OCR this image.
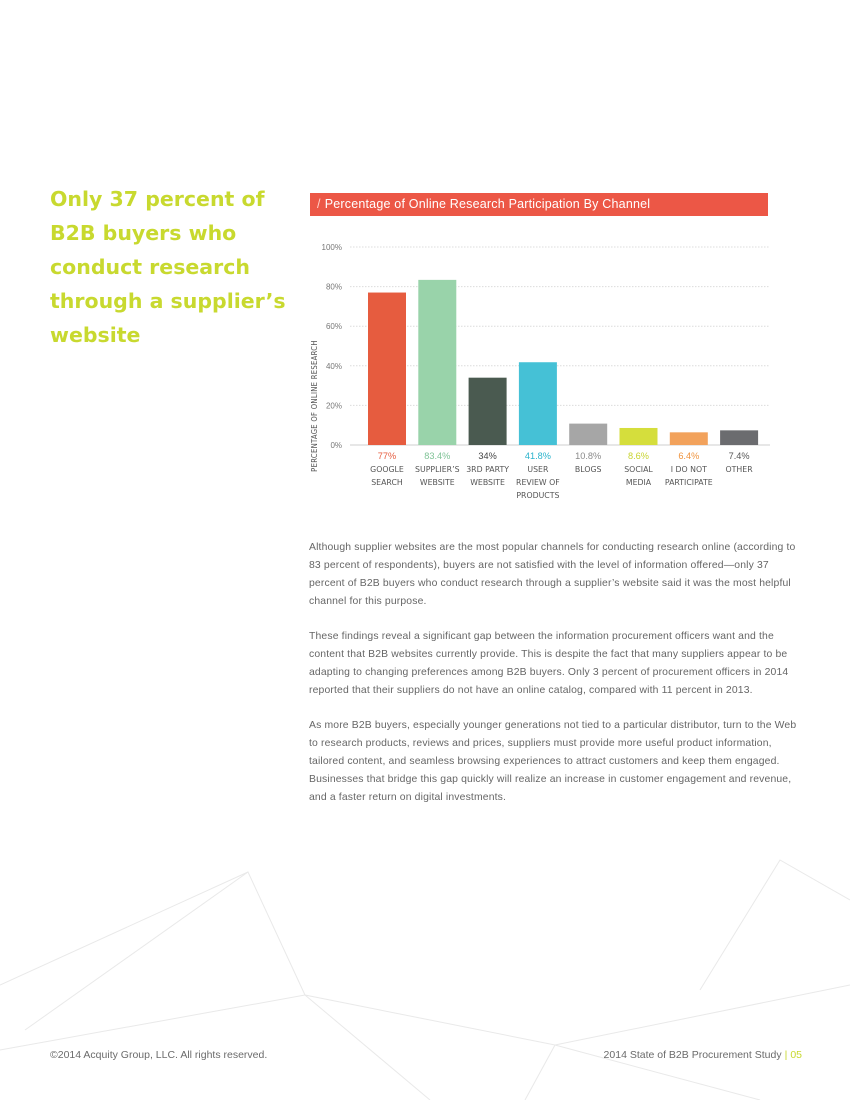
Only 37 percent of B2B buyers who conduct research through a supplier’s website
/ Percentage of Online Research Participation By Channel
0%
20%
40%
60%
80%
100%
PERCENTAGE OF ONLINE RESEARCH	77%
GOOGLE
SEARCH
83.4%
SUPPLIER’S
WEBSITE
34%
3RD PARTY
WEBSITE
41.8%
USER
REVIEW OF
PRODUCTS
10.8%
BLOGS
8.6%
SOCIAL
MEDIA
6.4%
I DO NOT
PARTICIPATE
7.4%
OTHER

Although supplier websites are the most popular channels for conducting research online (according to 83 percent of respondents), buyers are not satisfied with the level of information offered—only 37 percent of B2B buyers who conduct research through a supplier’s website said it was the most helpful channel for this purpose.

These findings reveal a significant gap between the information procurement officers want and the content that B2B websites currently provide. This is despite the fact that many suppliers appear to be adapting to changing preferences among B2B buyers. Only 3 percent of procurement officers in 2014 reported that their suppliers do not have an online catalog, compared with 11 percent in 2013.

As more B2B buyers, especially younger generations not tied to a particular distributor, turn to the Web to research products, reviews and prices, suppliers must provide more useful product information, tailored content, and seamless browsing experiences to attract customers and keep them engaged. Businesses that bridge this gap quickly will realize an increase in customer engagement and revenue, and a faster return on digital investments.

©2014 Acquity Group, LLC. All rights reserved.	2014 State of B2B Procurement Study | 05
